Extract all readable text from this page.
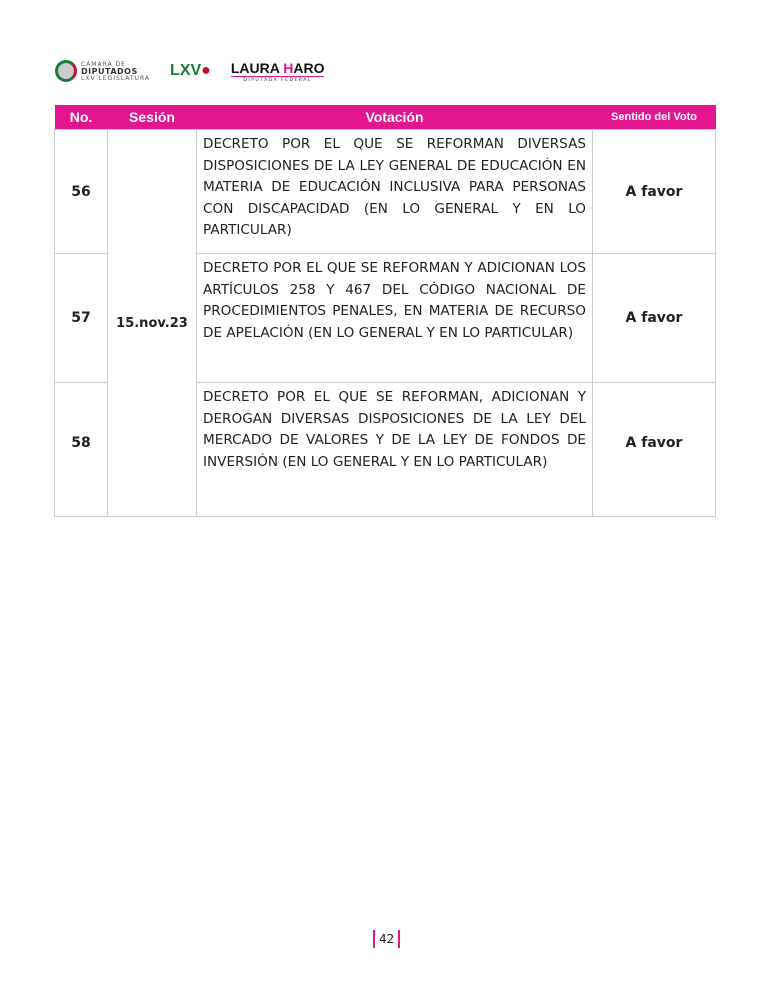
CÁMARA DE
DIPUTADOS
LXV LEGISLATURA LXV● LAURA HARO
DIPUTADA FEDERAL
No.	Sesión	Votación	Sentido del Voto
56	15.nov.23	DECRETO POR EL QUE SE REFORMAN DIVERSAS DISPOSICIONES DE LA LEY GENERAL DE EDUCACIÓN EN MATERIA DE EDUCACIÓN INCLUSIVA PARA PERSONAS CON DISCAPACIDAD (EN LO GENERAL Y EN LO PARTICULAR)	A favor
57		DECRETO POR EL QUE SE REFORMAN Y ADICIONAN LOS ARTÍCULOS 258 Y 467 DEL CÓDIGO NACIONAL DE PROCEDIMIENTOS PENALES, EN MATERIA DE RECURSO DE APELACIÓN (EN LO GENERAL Y EN LO PARTICULAR)	A favor
58		DECRETO POR EL QUE SE REFORMAN, ADICIONAN Y DEROGAN DIVERSAS DISPOSICIONES DE LA LEY DEL MERCADO DE VALORES Y DE LA LEY DE FONDOS DE INVERSIÓN (EN LO GENERAL Y EN LO PARTICULAR)	A favor
42
